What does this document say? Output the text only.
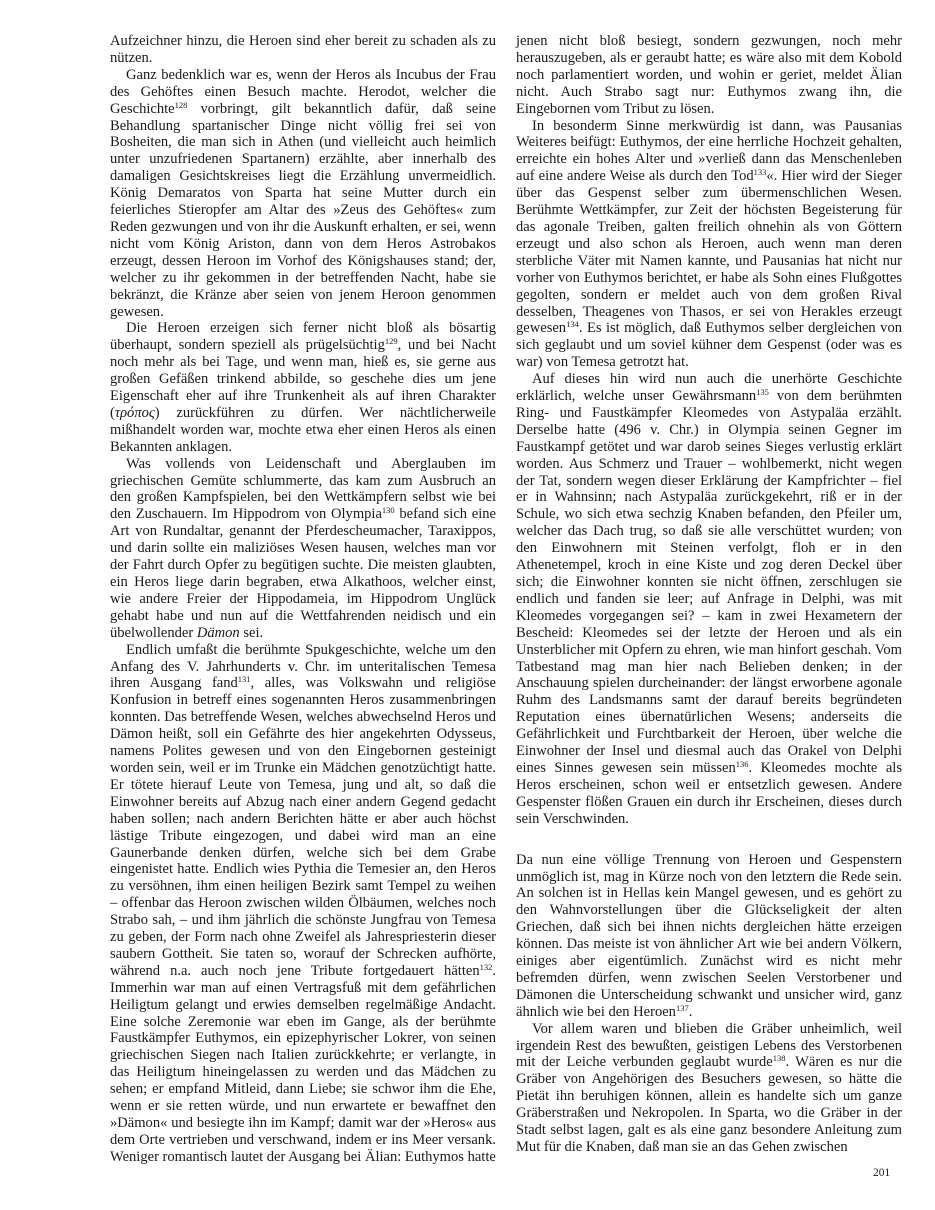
Aufzeichner hinzu, die Heroen sind eher bereit zu schaden als zu nützen.

Ganz bedenklich war es, wenn der Heros als Incubus der Frau des Gehöftes einen Besuch machte. Herodot, welcher die Geschichte$^{128}$ vorbringt, gilt bekanntlich dafür, daß seine Behandlung spartanischer Dinge nicht völlig frei sei von Bosheiten, die man sich in Athen (und vielleicht auch heimlich unter unzufriedenen Spartanern) erzählte, aber innerhalb des damaligen Gesichtskreises liegt die Erzählung unvermeidlich. König Demaratos von Sparta hat seine Mutter durch ein feierliches Stieropfer am Altar des »Zeus des Gehöftes« zum Reden gezwungen und von ihr die Auskunft erhalten, er sei, wenn nicht vom König Ariston, dann von dem Heros Astrobakos erzeugt, dessen Heroon im Vorhof des Königshauses stand; der, welcher zu ihr gekommen in der betreffenden Nacht, habe sie bekränzt, die Kränze aber seien von jenem Heroon genommen gewesen.

Die Heroen erzeigen sich ferner nicht bloß als bösartig überhaupt, sondern speziell als prügelsüchtig$^{129}$, und bei Nacht noch mehr als bei Tage, und wenn man, hieß es, sie gerne aus großen Gefäßen trinkend abbilde, so geschehe dies um jene Eigenschaft eher auf ihre Trunkenheit als auf ihren Charakter (τρόπος) zurückführen zu dürfen. Wer nächtlicherweile mißhandelt worden war, mochte etwa eher einen Heros als einen Bekannten anklagen.

Was vollends von Leidenschaft und Aberglauben im griechischen Gemüte schlummerte, das kam zum Ausbruch an den großen Kampfspielen, bei den Wettkämpfern selbst wie bei den Zuschauern. Im Hippodrom von Olympia$^{130}$ befand sich eine Art von Rundaltar, genannt der Pferdescheumacher, Taraxippos, und darin sollte ein maliziöses Wesen hausen, welches man vor der Fahrt durch Opfer zu begütigen suchte. Die meisten glaubten, ein Heros liege darin begraben, etwa Alkathoos, welcher einst, wie andere Freier der Hippodameia, im Hippodrom Unglück gehabt habe und nun auf die Wettfahrenden neidisch und ein übelwollender Dämon sei.

Endlich umfaßt die berühmte Spukgeschichte, welche um den Anfang des V. Jahrhunderts v. Chr. im unteritalischen Temesa ihren Ausgang fand$^{131}$, alles, was Volkswahn und religiöse Konfusion in betreff eines sogenannten Heros zusammenbringen konnten. Das betreffende Wesen, welches abwechselnd Heros und Dämon heißt, soll ein Gefährte des hier angekehrten Odysseus, namens Polites gewesen und von den Eingebornen gesteinigt worden sein, weil er im Trunke ein Mädchen genotzüchtigt hatte. Er tötete hierauf Leute von Temesa, jung und alt, so daß die Einwohner bereits auf Abzug nach einer andern Gegend gedacht haben sollen; nach andern Berichten hätte er aber auch höchst lästige Tribute eingezogen, und dabei wird man an eine Gaunerbande denken dürfen, welche sich bei dem Grabe eingenistet hatte. Endlich wies Pythia die Temesier an, den Heros zu versöhnen, ihm einen heiligen Bezirk samt Tempel zu weihen – offenbar das Heroon zwischen wilden Ölbäumen, welches noch Strabo sah, – und ihm jährlich die schönste Jungfrau von Temesa zu geben, der Form nach ohne Zweifel als Jahrespriesterin dieser saubern Gottheit. Sie taten so, worauf der Schrecken aufhörte, während n.a. auch noch jene Tribute fortgedauert hätten$^{132}$. Immerhin war man auf einen Vertragsfuß mit dem gefährlichen Heiligtum gelangt und erwies demselben regelmäßige Andacht. Eine solche Zeremonie war eben im Gange, als der berühmte Faustkämpfer Euthymos, ein epizephyrischer Lokrer, von seinen griechischen Siegen nach Italien zurückkehrte; er verlangte, in das Heiligtum hineingelassen zu werden und das Mädchen zu sehen; er empfand Mitleid, dann Liebe; sie schwor ihm die Ehe, wenn er sie retten würde, und nun erwartete er bewaffnet den »Dämon« und besiegte ihn im Kampf; damit war der »Heros« aus dem Orte vertrieben und verschwand, indem er ins Meer versank. Weniger romantisch lautet der Ausgang bei Älian: Euthymos hatte

jenen nicht bloß besiegt, sondern gezwungen, noch mehr herauszugeben, als er geraubt hatte; es wäre also mit dem Kobold noch parlamentiert worden, und wohin er geriet, meldet Älian nicht. Auch Strabo sagt nur: Euthymos zwang ihn, die Eingebornen vom Tribut zu lösen.

In besonderm Sinne merkwürdig ist dann, was Pausanias Weiteres beifügt: Euthymos, der eine herrliche Hochzeit gehalten, erreichte ein hohes Alter und »verließ dann das Menschenleben auf eine andere Weise als durch den Tod$^{133}$«. Hier wird der Sieger über das Gespenst selber zum übermenschlichen Wesen. Berühmte Wettkämpfer, zur Zeit der höchsten Begeisterung für das agonale Treiben, galten freilich ohnehin als von Göttern erzeugt und also schon als Heroen, auch wenn man deren sterbliche Väter mit Namen kannte, und Pausanias hat nicht nur vorher von Euthymos berichtet, er habe als Sohn eines Flußgottes gegolten, sondern er meldet auch von dem großen Rival desselben, Theagenes von Thasos, er sei von Herakles erzeugt gewesen$^{134}$. Es ist möglich, daß Euthymos selber dergleichen von sich geglaubt und um soviel kühner dem Gespenst (oder was es war) von Temesa getrotzt hat.

Auf dieses hin wird nun auch die unerhörte Geschichte erklärlich, welche unser Gewährsmann$^{135}$ von dem berühmten Ring- und Faustkämpfer Kleomedes von Astypaläa erzählt. Derselbe hatte (496 v. Chr.) in Olympia seinen Gegner im Faustkampf getötet und war darob seines Sieges verlustig erklärt worden. Aus Schmerz und Trauer – wohlbemerkt, nicht wegen der Tat, sondern wegen dieser Erklärung der Kampfrichter – fiel er in Wahnsinn; nach Astypaläa zurückgekehrt, riß er in der Schule, wo sich etwa sechzig Knaben befanden, den Pfeiler um, welcher das Dach trug, so daß sie alle verschüttet wurden; von den Einwohnern mit Steinen verfolgt, floh er in den Athenetempel, kroch in eine Kiste und zog deren Deckel über sich; die Einwohner konnten sie nicht öffnen, zerschlugen sie endlich und fanden sie leer; auf Anfrage in Delphi, was mit Kleomedes vorgegangen sei? – kam in zwei Hexametern der Bescheid: Kleomedes sei der letzte der Heroen und als ein Unsterblicher mit Opfern zu ehren, wie man hinfort geschah. Vom Tatbestand mag man hier nach Belieben denken; in der Anschauung spielen durcheinander: der längst erworbene agonale Ruhm des Landsmanns samt der darauf bereits begründeten Reputation eines übernatürlichen Wesens; anderseits die Gefährlichkeit und Furchtbarkeit der Heroen, über welche die Einwohner der Insel und diesmal auch das Orakel von Delphi eines Sinnes gewesen sein müssen$^{136}$. Kleomedes mochte als Heros erscheinen, schon weil er entsetzlich gewesen. Andere Gespenster flößen Grauen ein durch ihr Erscheinen, dieses durch sein Verschwinden.

Da nun eine völlige Trennung von Heroen und Gespenstern unmöglich ist, mag in Kürze noch von den letztern die Rede sein. An solchen ist in Hellas kein Mangel gewesen, und es gehört zu den Wahnvorstellungen über die Glückseligkeit der alten Griechen, daß sich bei ihnen nichts dergleichen hätte erzeigen können. Das meiste ist von ähnlicher Art wie bei andern Völkern, einiges aber eigentümlich. Zunächst wird es nicht mehr befremden dürfen, wenn zwischen Seelen Verstorbener und Dämonen die Unterscheidung schwankt und unsicher wird, ganz ähnlich wie bei den Heroen$^{137}$.

Vor allem waren und blieben die Gräber unheimlich, weil irgendein Rest des bewußten, geistigen Lebens des Verstorbenen mit der Leiche verbunden geglaubt wurde$^{138}$. Wären es nur die Gräber von Angehörigen des Besuchers gewesen, so hätte die Pietät ihn beruhigen können, allein es handelte sich um ganze Gräberstraßen und Nekropolen. In Sparta, wo die Gräber in der Stadt selbst lagen, galt es als eine ganz besondere Anleitung zum Mut für die Knaben, daß man sie an das Gehen zwischen

201
